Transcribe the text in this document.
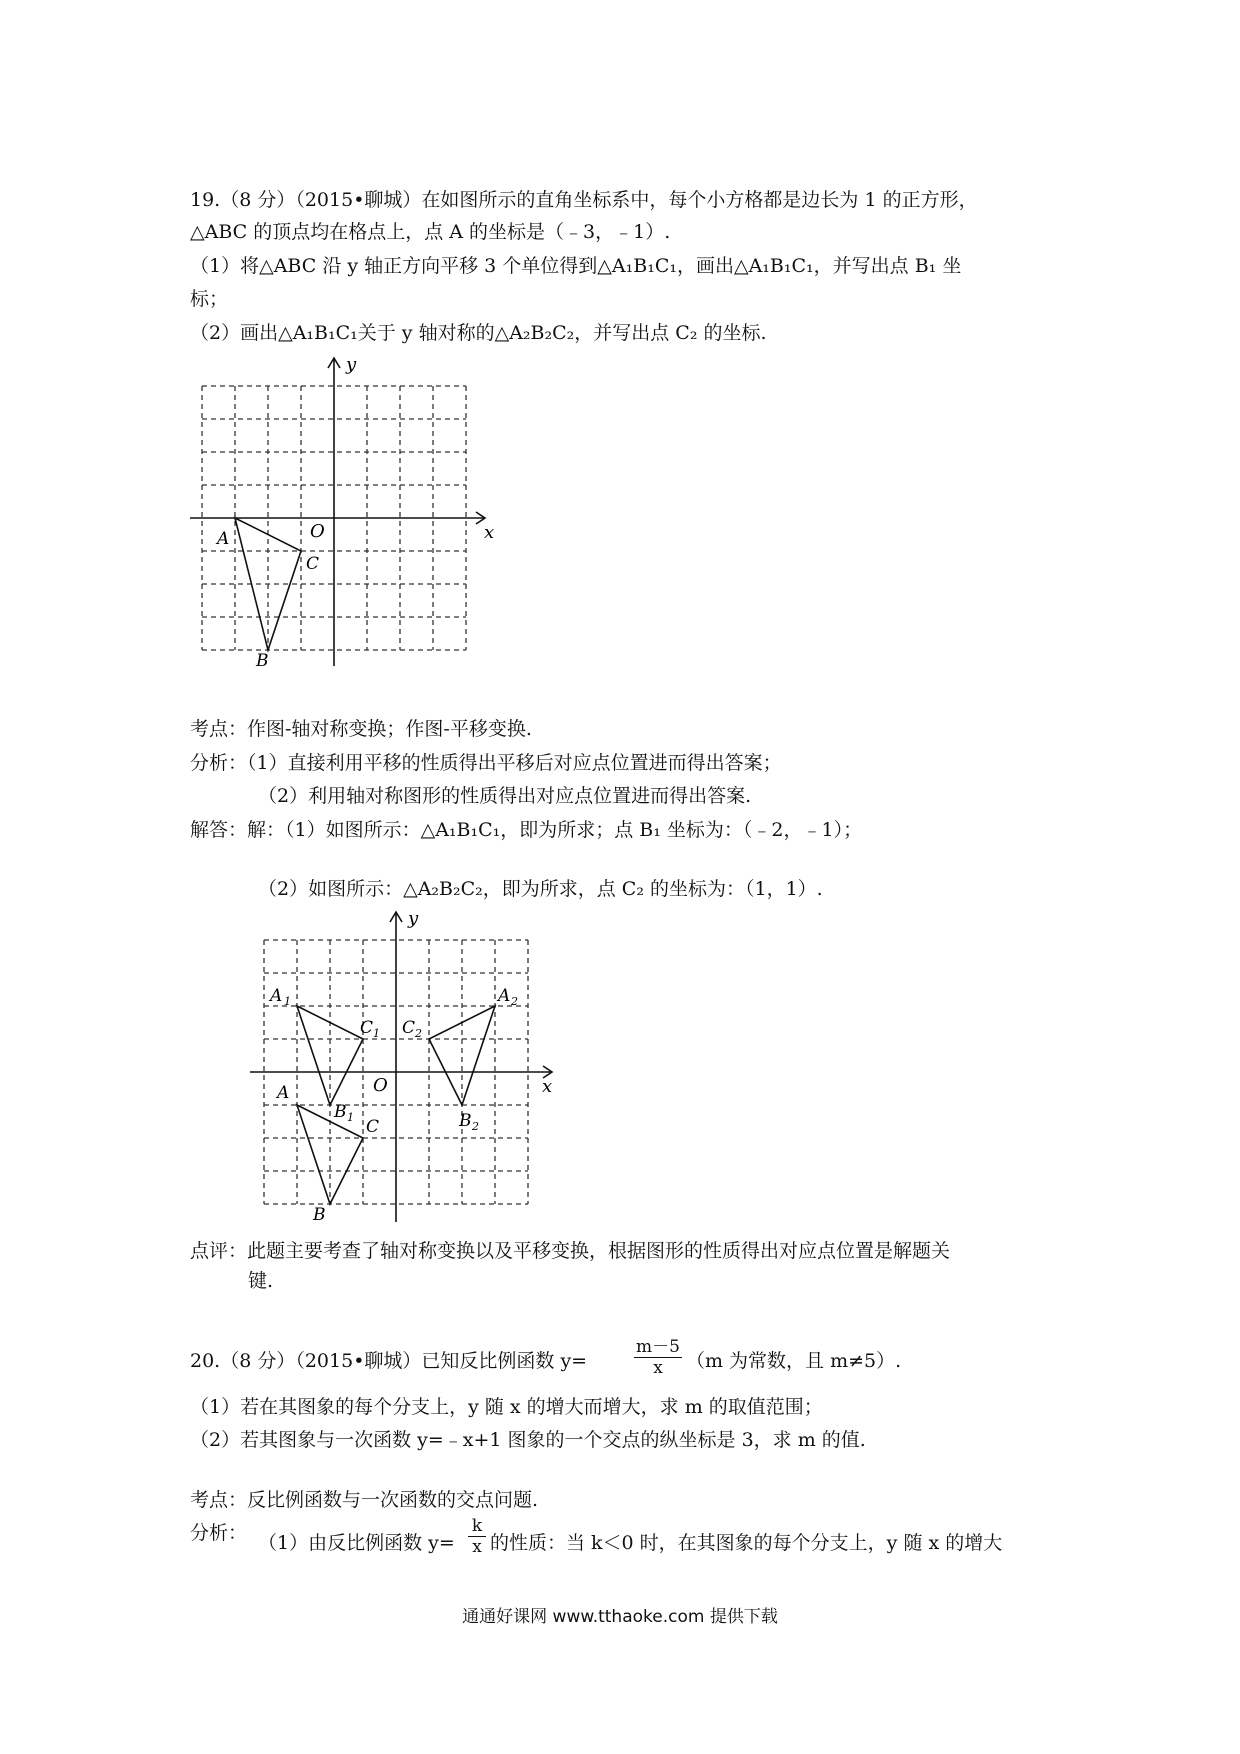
19.（8 分）（2015•聊城）在如图所示的直角坐标系中，每个小方格都是边长为 1 的正方形，
△ABC 的顶点均在格点上，点 A 的坐标是（﹣3，﹣1）.
（1）将△ABC 沿 y 轴正方向平移 3 个单位得到△A₁B₁C₁，画出△A₁B₁C₁，并写出点 B₁ 坐
标；
（2）画出△A₁B₁C₁关于 y 轴对称的△A₂B₂C₂，并写出点 C₂ 的坐标.
y
x
O
A
C
B
考点：作图-轴对称变换；作图-平移变换.
分析：（1）直接利用平移的性质得出平移后对应点位置进而得出答案；
（2）利用轴对称图形的性质得出对应点位置进而得出答案.
解答：解：（1）如图所示：△A₁B₁C₁，即为所求；点 B₁ 坐标为：（﹣2，﹣1）；
（2）如图所示：△A₂B₂C₂，即为所求，点 C₂ 的坐标为：（1，1）.
y
x
O
A 1
C 1
B 1
C 2
A 2
B 2
A
C
B
点评：此题主要考查了轴对称变换以及平移变换，根据图形的性质得出对应点位置是解题关
键.
20.（8 分）（2015•聊城）已知反比例函数 y=	$\frac{m-5}{x} (m$ 为常数，且 m≠5）.
（1）若在其图象的每个分支上，y 随 x 的增大而增大，求 m 的取值范围；
（2）若其图象与一次函数 y=﹣x+1 图象的一个交点的纵坐标是 3，求 m 的值.
考点：反比例函数与一次函数的交点问题.
分析： （1）由反比例函数 $y= \frac{k}{x}$ 的性质：当 k＜0 时，在其图象的每个分支上，y 随 x 的增大
通通好课网 www.tthaoke.com 提供下载
